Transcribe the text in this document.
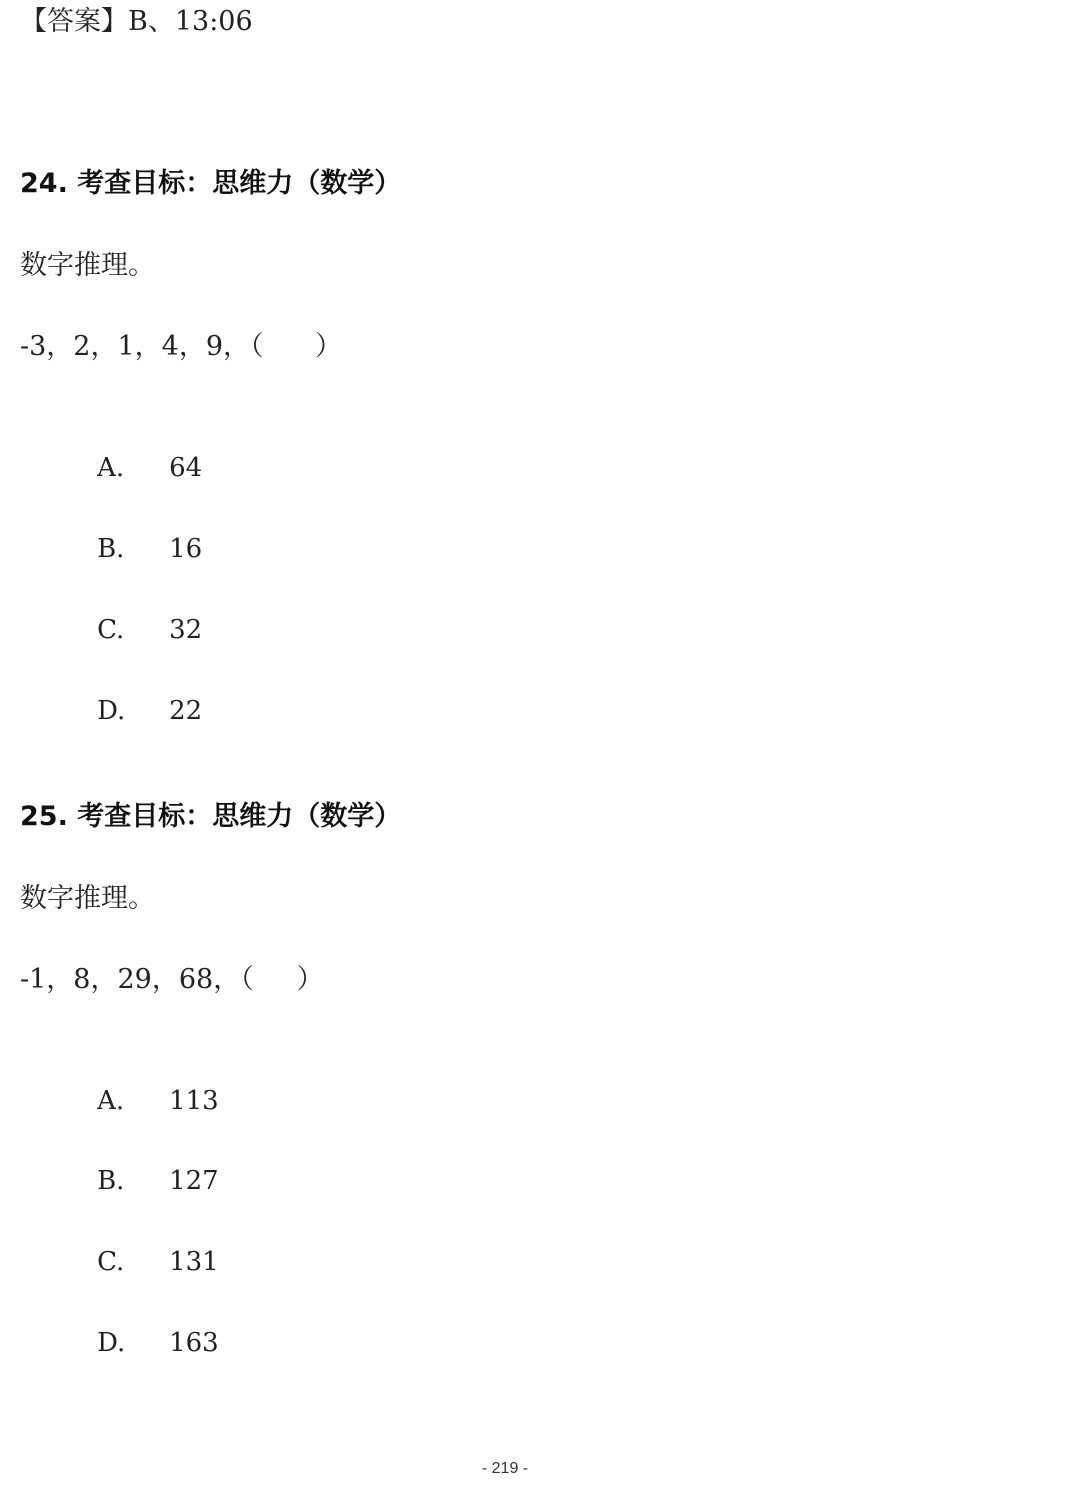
【答案】B、13:06
24. 考查目标：思维力（数学）
数字推理。
-3，2，1，4，9，（      ）

A. 64

B. 16

C. 32

D. 22

25. 考查目标：思维力（数学）
数字推理。
-1，8，29，68，（     ）

A. 113

B. 127

C. 131

D. 163

- 219 -
